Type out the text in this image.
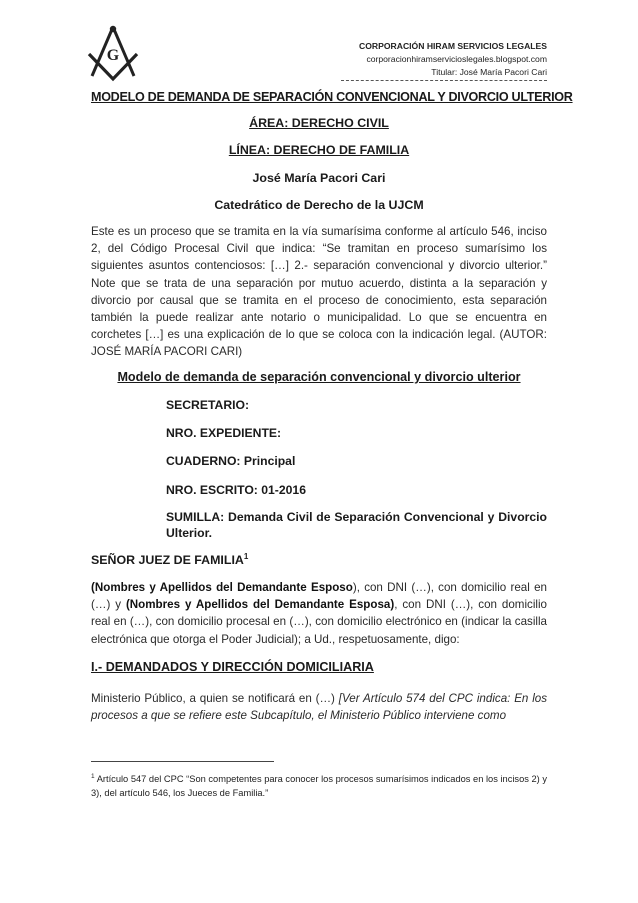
G
CORPORACIÓN HIRAM SERVICIOS LEGALES
corporacionhiramservicioslegales.blogspot.com
Titular: José María Pacori Cari
MODELO DE DEMANDA DE SEPARACIÓN CONVENCIONAL Y DIVORCIO ULTERIOR
ÁREA: DERECHO CIVIL
LÍNEA: DERECHO DE FAMILIA
José María Pacori Cari
Catedrático de Derecho de la UJCM
Este es un proceso que se tramita en la vía sumarísima conforme al artículo 546, inciso 2, del Código Procesal Civil que indica: “Se tramitan en proceso sumarísimo los siguientes asuntos contenciosos: […] 2.- separación convencional y divorcio ulterior.” Note que se trata de una separación por mutuo acuerdo, distinta a la separación y divorcio por causal que se tramita en el proceso de conocimiento, esta separación también la puede realizar ante notario o municipalidad. Lo que se encuentra en corchetes […] es una explicación de lo que se coloca con la indicación legal. (AUTOR: JOSÉ MARÍA PACORI CARI)
Modelo de demanda de separación convencional y divorcio ulterior
SECRETARIO:
NRO. EXPEDIENTE:
CUADERNO: Principal
NRO. ESCRITO: 01-2016
SUMILLA: Demanda Civil de Separación Convencional y Divorcio Ulterior.
SEÑOR JUEZ DE FAMILIA$^1$
(Nombres y Apellidos del Demandante Esposo), con DNI (…), con domicilio real en (…) y (Nombres y Apellidos del Demandante Esposa), con DNI (…), con domicilio real en (…), con domicilio procesal en (…), con domicilio electrónico en (indicar la casilla electrónica que otorga el Poder Judicial); a Ud., respetuosamente, digo:
I.- DEMANDADOS Y DIRECCIÓN DOMICILIARIA
Ministerio Público, a quien se notificará en (…) [Ver Artículo 574 del CPC indica: En los procesos a que se refiere este Subcapítulo, el Ministerio Público interviene como
$^1$ Artículo 547 del CPC “Son competentes para conocer los procesos sumarísimos indicados en los incisos 2) y 3), del artículo 546, los Jueces de Familia.”
